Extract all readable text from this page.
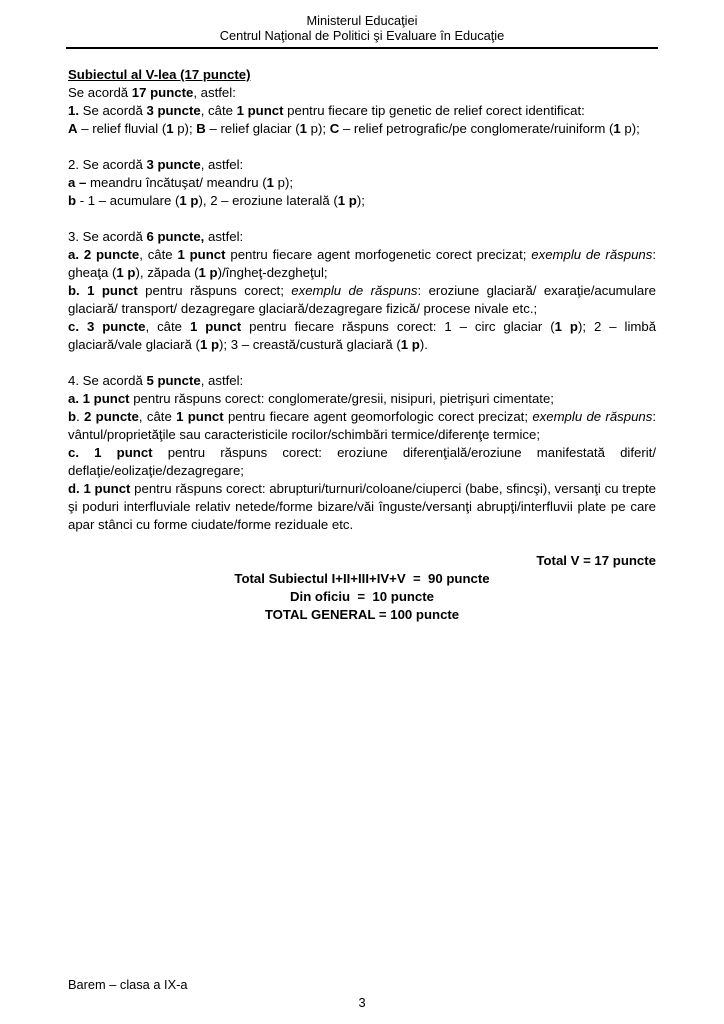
Ministerul Educaţiei
Centrul Naţional de Politici şi Evaluare în Educaţie
Subiectul al V-lea (17 puncte)
Se acordă 17 puncte, astfel:
1. Se acordă 3 puncte, câte 1 punct pentru fiecare tip genetic de relief corect identificat:
A – relief fluvial (1 p); B – relief glaciar (1 p); C – relief petrografic/pe conglomerate/ruiniform (1 p);
2. Se acordă 3 puncte, astfel:
a – meandru încătuşat/ meandru (1 p);
b - 1 – acumulare (1 p), 2 – eroziune laterală (1 p);
3. Se acordă 6 puncte, astfel:
a. 2 puncte, câte 1 punct pentru fiecare agent morfogenetic corect precizat; exemplu de răspuns: gheaţa (1 p), zăpada (1 p)/îngheţ-dezgheţul;
b. 1 punct pentru răspuns corect; exemplu de răspuns: eroziune glaciară/ exaraţie/acumulare glaciară/ transport/ dezagregare glaciară/dezagregare fizică/ procese nivale etc.;
c. 3 puncte, câte 1 punct pentru fiecare răspuns corect: 1 – circ glaciar (1 p); 2 – limbă glaciară/vale glaciară (1 p); 3 – creastă/custură glaciară (1 p).
4. Se acordă 5 puncte, astfel:
a. 1 punct pentru răspuns corect: conglomerate/gresii, nisipuri, pietrişuri cimentate;
b. 2 puncte, câte 1 punct pentru fiecare agent geomorfologic corect precizat; exemplu de răspuns: vântul/proprietăţile sau caracteristicile rocilor/schimbări termice/diferenţe termice;
c. 1 punct pentru răspuns corect: eroziune diferenţială/eroziune manifestată diferit/ deflaţie/eolizaţie/dezagregare;
d. 1 punct pentru răspuns corect: abrupturi/turnuri/coloane/ciuperci (babe, sfincşi), versanţi cu trepte şi poduri interfluviale relativ netede/forme bizare/văi înguste/versanţi abrupţi/interfluvii plate pe care apar stânci cu forme ciudate/forme reziduale etc.
Total V = 17 puncte
Total Subiectul I+II+III+IV+V  =  90 puncte
Din oficiu  =  10 puncte
TOTAL GENERAL = 100 puncte
Barem – clasa a IX-a
3
